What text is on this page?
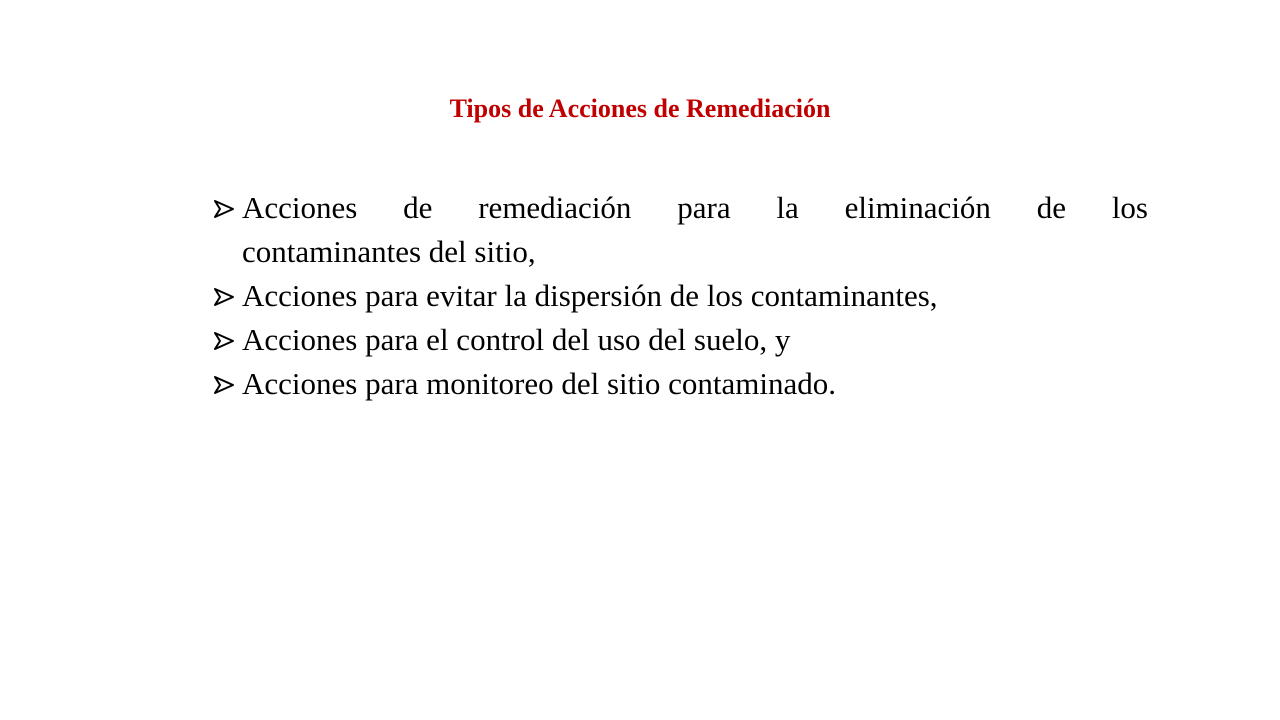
Tipos de Acciones de Remediación
Acciones de remediación para la eliminación de los
contaminantes del sitio,
Acciones para evitar la dispersión de los contaminantes,
Acciones para el control del uso del suelo, y
Acciones para monitoreo del sitio contaminado.
